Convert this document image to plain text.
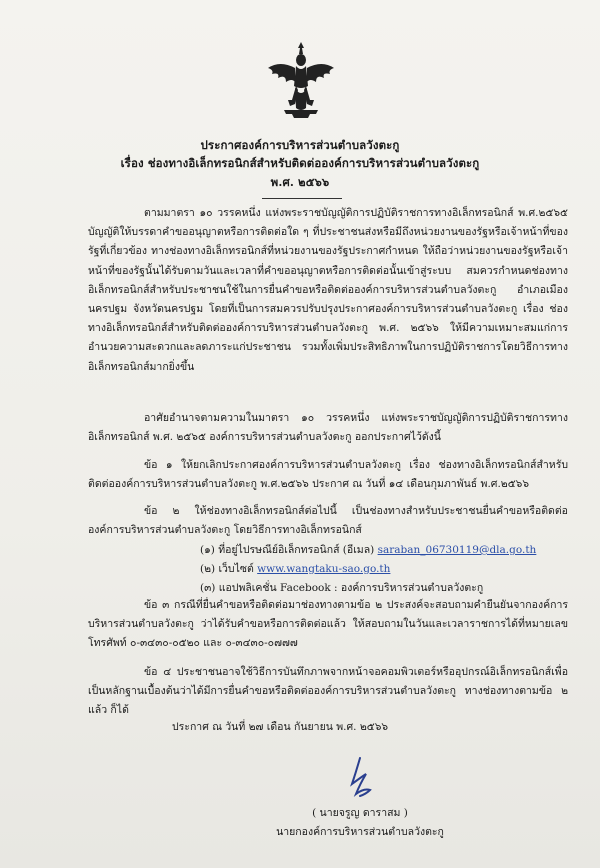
ประกาศองค์การบริหารส่วนตำบลวังตะกู
เรื่อง ช่องทางอิเล็กทรอนิกส์สำหรับติดต่อองค์การบริหารส่วนตำบลวังตะกู
พ.ศ. ๒๕๖๖

ตามมาตรา ๑๐ วรรคหนึ่ง แห่งพระราชบัญญัติการปฏิบัติราชการทางอิเล็กทรอนิกส์ พ.ศ.๒๕๖๕ บัญญัติให้บรรดาคำขออนุญาตหรือการติดต่อใด ๆ ที่ประชาชนส่งหรือมีถึงหน่วยงานของรัฐหรือเจ้าหน้าที่ของรัฐที่เกี่ยวข้อง ทางช่องทางอิเล็กทรอนิกส์ที่หน่วยงานของรัฐประกาศกำหนด ให้ถือว่าหน่วยงานของรัฐหรือเจ้าหน้าที่ของรัฐนั้นได้รับตามวันและเวลาที่คำขออนุญาตหรือการติดต่อนั้นเข้าสู่ระบบ สมควรกำหนดช่องทางอิเล็กทรอนิกส์สำหรับประชาชนใช้ในการยื่นคำขอหรือติดต่อองค์การบริหารส่วนตำบลวังตะกู อำเภอเมืองนครปฐม จังหวัดนครปฐม โดยที่เป็นการสมควรปรับปรุงประกาศองค์การบริหารส่วนตำบลวังตะกู เรื่อง ช่องทางอิเล็กทรอนิกส์สำหรับติดต่อองค์การบริหารส่วนตำบลวังตะกู พ.ศ. ๒๕๖๖ ให้มีความเหมาะสมแก่การอำนวยความสะดวกและลดภาระแก่ประชาชน รวมทั้งเพิ่มประสิทธิภาพในการปฏิบัติราชการโดยวิธีการทางอิเล็กทรอนิกส์มากยิ่งขึ้น

อาศัยอำนาจตามความในมาตรา ๑๐ วรรคหนึ่ง แห่งพระราชบัญญัติการปฏิบัติราชการทางอิเล็กทรอนิกส์ พ.ศ. ๒๕๖๕ องค์การบริหารส่วนตำบลวังตะกู ออกประกาศไว้ดังนี้

ข้อ ๑ ให้ยกเลิกประกาศองค์การบริหารส่วนตำบลวังตะกู เรื่อง ช่องทางอิเล็กทรอนิกส์สำหรับติดต่อองค์การบริหารส่วนตำบลวังตะกู พ.ศ.๒๕๖๖ ประกาศ ณ วันที่ ๑๔ เดือนกุมภาพันธ์ พ.ศ.๒๕๖๖

ข้อ ๒ ให้ช่องทางอิเล็กทรอนิกส์ต่อไปนี้ เป็นช่องทางสำหรับประชาชนยื่นคำขอหรือติดต่อองค์การบริหารส่วนตำบลวังตะกู โดยวิธีการทางอิเล็กทรอนิกส์

(๑) ที่อยู่ไปรษณีย์อิเล็กทรอนิกส์ (อีเมล) saraban_06730119@dla.go.th
(๒) เว็บไซต์ www.wangtaku-sao.go.th
(๓) แอปพลิเคชั่น Facebook : องค์การบริหารส่วนตำบลวังตะกู

ข้อ ๓ กรณีที่ยื่นคำขอหรือติดต่อมาช่องทางตามข้อ ๒ ประสงค์จะสอบถามคำยืนยันจากองค์การบริหารส่วนตำบลวังตะกู ว่าได้รับคำขอหรือการติดต่อแล้ว ให้สอบถามในวันและเวลาราชการได้ที่หมายเลขโทรศัพท์ ๐-๓๔๓๐-๐๕๒๐ และ ๐-๓๔๓๐-๐๗๗๗

ข้อ ๔ ประชาชนอาจใช้วิธีการบันทึกภาพจากหน้าจอคอมพิวเตอร์หรืออุปกรณ์อิเล็กทรอนิกส์เพื่อเป็นหลักฐานเบื้องต้นว่าได้มีการยื่นคำขอหรือติดต่อองค์การบริหารส่วนตำบลวังตะกู ทางช่องทางตามข้อ ๒ แล้ว ก็ได้

ประกาศ ณ วันที่ ๒๗ เดือน กันยายน พ.ศ. ๒๕๖๖
( นายจรูญ ดาราสม )
นายกองค์การบริหารส่วนตำบลวังตะกู
